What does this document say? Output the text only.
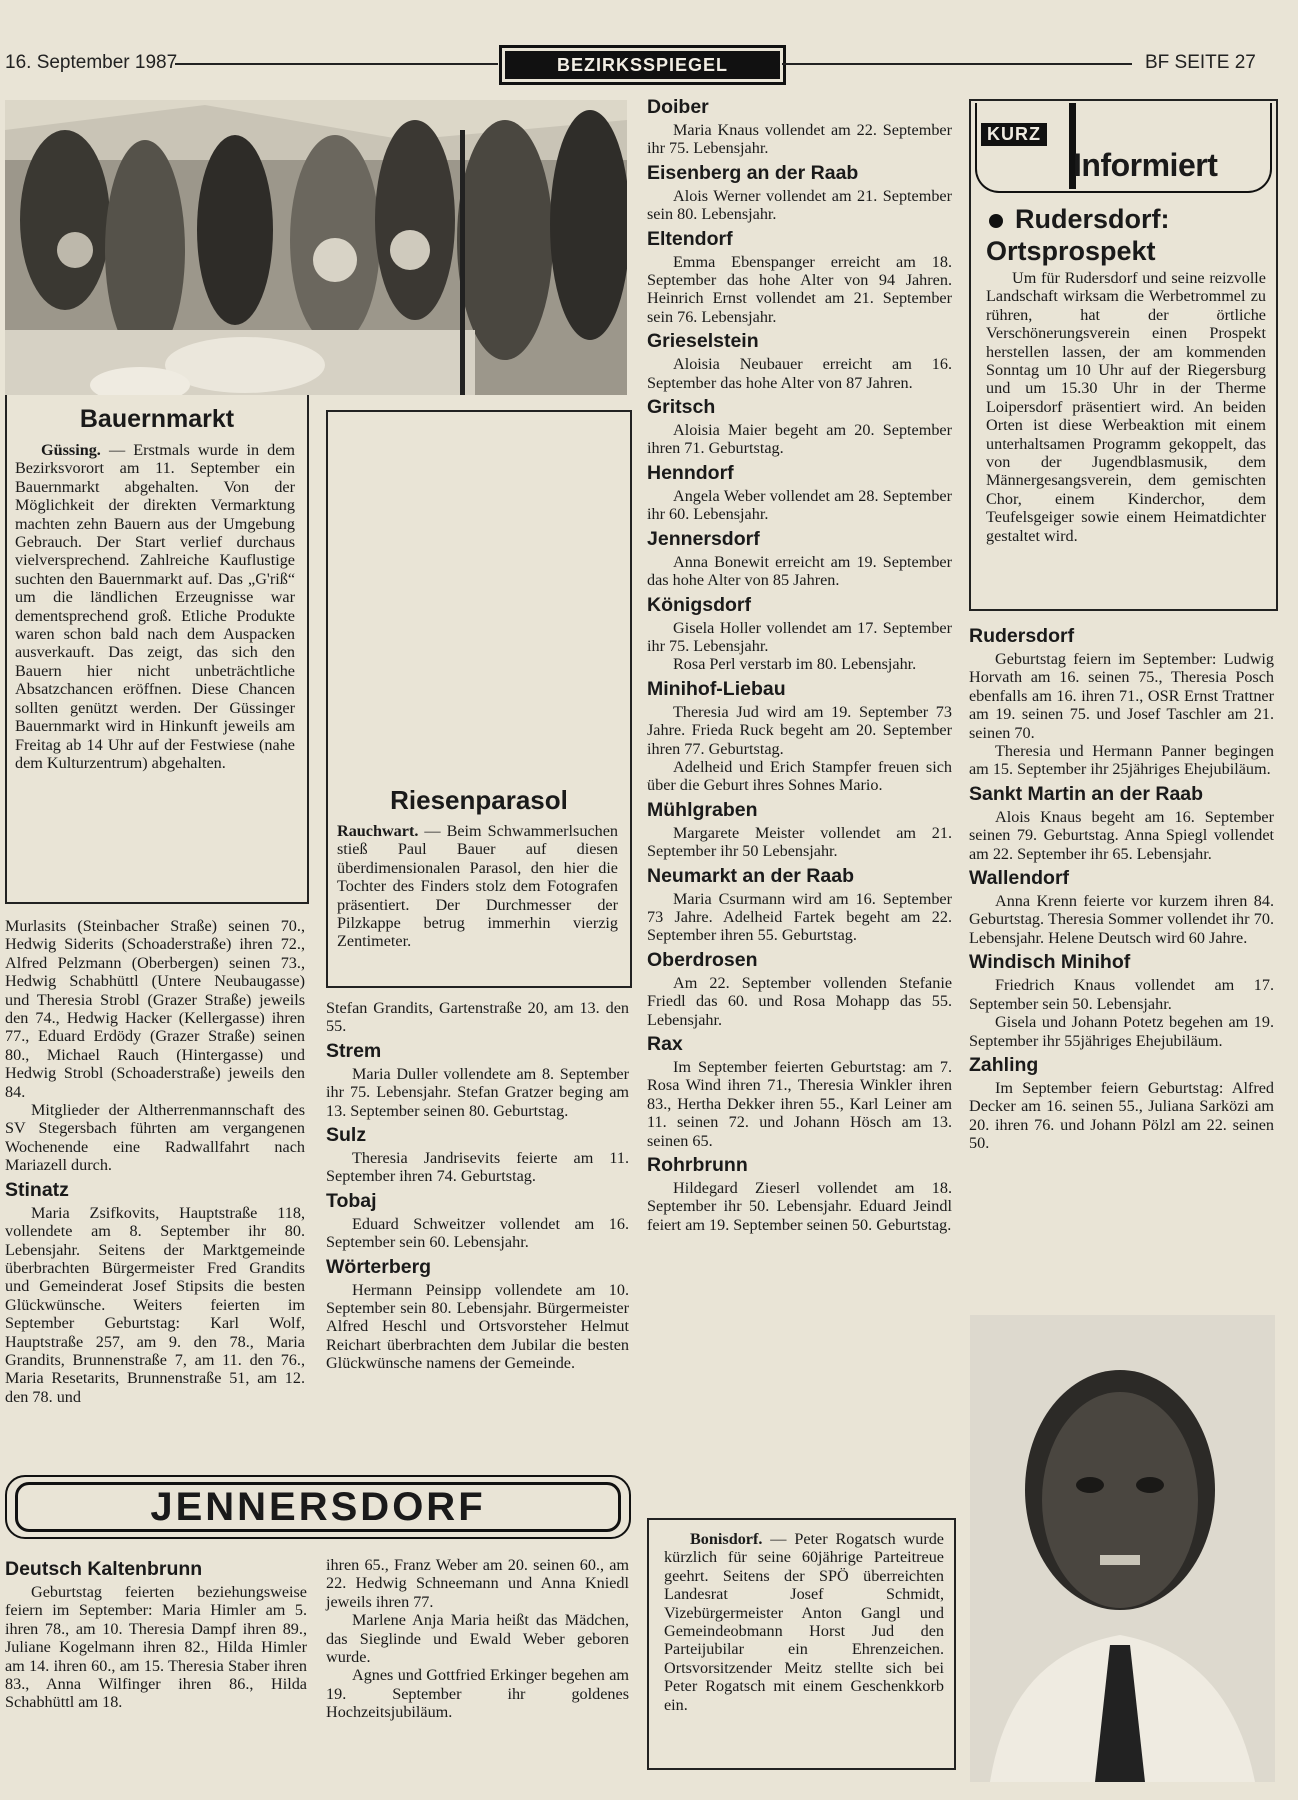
16. September 1987	BEZIRKSSPIEGEL	BF SEITE 27
Bauernmarkt

Güssing. — Erstmals wurde in dem Bezirksvorort am 11. September ein Bauernmarkt abgehalten. Von der Möglichkeit der direkten Vermarktung machten zehn Bauern aus der Umgebung Gebrauch. Der Start verlief durchaus vielversprechend. Zahlreiche Kauflustige suchten den Bauernmarkt auf. Das „G'riß“ um die ländlichen Erzeugnisse war dementsprechend groß. Etliche Produkte waren schon bald nach dem Auspacken ausverkauft. Das zeigt, das sich den Bauern hier nicht unbeträchtliche Absatzchancen eröffnen. Diese Chancen sollten genützt werden. Der Güssinger Bauernmarkt wird in Hinkunft jeweils am Freitag ab 14 Uhr auf der Festwiese (nahe dem Kulturzentrum) abgehalten.

Riesenparasol

Rauchwart. — Beim Schwammerlsuchen stieß Paul Bauer auf diesen überdimensionalen Parasol, den hier die Tochter des Finders stolz dem Fotografen präsentiert. Der Durchmesser der Pilzkappe betrug immerhin vierzig Zentimeter.

Murlasits (Steinbacher Straße) seinen 70., Hedwig Siderits (Schoaderstraße) ihren 72., Alfred Pelzmann (Oberbergen) seinen 73., Hedwig Schabhüttl (Untere Neubaugasse) und Theresia Strobl (Grazer Straße) jeweils den 74., Hedwig Hacker (Kellergasse) ihren 77., Eduard Erdödy (Grazer Straße) seinen 80., Michael Rauch (Hintergasse) und Hedwig Strobl (Schoaderstraße) jeweils den 84.

Mitglieder der Altherrenmannschaft des SV Stegersbach führten am vergangenen Wochenende eine Radwallfahrt nach Mariazell durch.

Stinatz

Maria Zsifkovits, Hauptstraße 118, vollendete am 8. September ihr 80. Lebensjahr. Seitens der Marktgemeinde überbrachten Bürgermeister Fred Grandits und Gemeinderat Josef Stipsits die besten Glückwünsche. Weiters feierten im September Geburtstag: Karl Wolf, Hauptstraße 257, am 9. den 78., Maria Grandits, Brunnenstraße 7, am 11. den 76., Maria Resetarits, Brunnenstraße 51, am 12. den 78. und

Stefan Grandits, Gartenstraße 20, am 13. den 55.

Strem

Maria Duller vollendete am 8. September ihr 75. Lebensjahr. Stefan Gratzer beging am 13. September seinen 80. Geburtstag.

Sulz

Theresia Jandrisevits feierte am 11. September ihren 74. Geburtstag.

Tobaj

Eduard Schweitzer vollendet am 16. September sein 60. Lebensjahr.

Wörterberg

Hermann Peinsipp vollendete am 10. September sein 80. Lebensjahr. Bürgermeister Alfred Heschl und Ortsvorsteher Helmut Reichart überbrachten dem Jubilar die besten Glückwünsche namens der Gemeinde.

Doiber

Maria Knaus vollendet am 22. September ihr 75. Lebensjahr.

Eisenberg an der Raab

Alois Werner vollendet am 21. September sein 80. Lebensjahr.

Eltendorf

Emma Ebenspanger erreicht am 18. September das hohe Alter von 94 Jahren. Heinrich Ernst vollendet am 21. September sein 76. Lebensjahr.

Grieselstein

Aloisia Neubauer erreicht am 16. September das hohe Alter von 87 Jahren.

Gritsch

Aloisia Maier begeht am 20. September ihren 71. Geburtstag.

Henndorf

Angela Weber vollendet am 28. September ihr 60. Lebensjahr.

Jennersdorf

Anna Bonewit erreicht am 19. September das hohe Alter von 85 Jahren.

Königsdorf

Gisela Holler vollendet am 17. September ihr 75. Lebensjahr.

Rosa Perl verstarb im 80. Lebensjahr.

Minihof-Liebau

Theresia Jud wird am 19. September 73 Jahre. Frieda Ruck begeht am 20. September ihren 77. Geburtstag.

Adelheid und Erich Stampfer freuen sich über die Geburt ihres Sohnes Mario.

Mühlgraben

Margarete Meister vollendet am 21. September ihr 50 Lebensjahr.

Neumarkt an der Raab

Maria Csurmann wird am 16. September 73 Jahre. Adelheid Fartek begeht am 22. September ihren 55. Geburtstag.

Oberdrosen

Am 22. September vollenden Stefanie Friedl das 60. und Rosa Mohapp das 55. Lebensjahr.

Rax

Im September feierten Geburtstag: am 7. Rosa Wind ihren 71., Theresia Winkler ihren 83., Hertha Dekker ihren 55., Karl Leiner am 11. seinen 72. und Johann Hösch am 13. seinen 65.

Rohrbrunn

Hildegard Zieserl vollendet am 18. September ihr 50. Lebensjahr. Eduard Jeindl feiert am 19. September seinen 50. Geburtstag.

KURZ
Informiert
Rudersdorf:
Ortsprospekt

Um für Rudersdorf und seine reizvolle Landschaft wirksam die Werbetrommel zu rühren, hat der örtliche Verschönerungsverein einen Prospekt herstellen lassen, der am kommenden Sonntag um 10 Uhr auf der Riegersburg und um 15.30 Uhr in der Therme Loipersdorf präsentiert wird. An beiden Orten ist diese Werbeaktion mit einem unterhaltsamen Programm gekoppelt, das von der Jugendblasmusik, dem Männergesangsverein, dem gemischten Chor, einem Kinderchor, dem Teufelsgeiger sowie einem Heimatdichter gestaltet wird.

Rudersdorf

Geburtstag feiern im September: Ludwig Horvath am 16. seinen 75., Theresia Posch ebenfalls am 16. ihren 71., OSR Ernst Trattner am 19. seinen 75. und Josef Taschler am 21. seinen 70.

Theresia und Hermann Panner begingen am 15. September ihr 25jähriges Ehejubiläum.

Sankt Martin an der Raab

Alois Knaus begeht am 16. September seinen 79. Geburtstag. Anna Spiegl vollendet am 22. September ihr 65. Lebensjahr.

Wallendorf

Anna Krenn feierte vor kurzem ihren 84. Geburtstag. Theresia Sommer vollendet ihr 70. Lebensjahr. Helene Deutsch wird 60 Jahre.

Windisch Minihof

Friedrich Knaus vollendet am 17. September sein 50. Lebensjahr.

Gisela und Johann Potetz begehen am 19. September ihr 55jähriges Ehejubiläum.

Zahling

Im September feiern Geburtstag: Alfred Decker am 16. seinen 55., Juliana Sarközi am 20. ihren 76. und Johann Pölzl am 22. seinen 50.

JENNERSDORF
Deutsch Kaltenbrunn

Geburtstag feierten beziehungsweise feiern im September: Maria Himler am 5. ihren 78., am 10. Theresia Dampf ihren 89., Juliane Kogelmann ihren 82., Hilda Himler am 14. ihren 60., am 15. Theresia Staber ihren 83., Anna Wilfinger ihren 86., Hilda Schabhüttl am 18.

ihren 65., Franz Weber am 20. seinen 60., am 22. Hedwig Schneemann und Anna Kniedl jeweils ihren 77.

Marlene Anja Maria heißt das Mädchen, das Sieglinde und Ewald Weber geboren wurde.

Agnes und Gottfried Erkinger begehen am 19. September ihr goldenes Hochzeitsjubiläum.

Bonisdorf. — Peter Rogatsch wurde kürzlich für seine 60jährige Parteitreue geehrt. Seitens der SPÖ überreichten Landesrat Josef Schmidt, Vizebürgermeister Anton Gangl und Gemeindeobmann Horst Jud den Parteijubilar ein Ehrenzeichen. Ortsvorsitzender Meitz stellte sich bei Peter Rogatsch mit einem Geschenkkorb ein.
